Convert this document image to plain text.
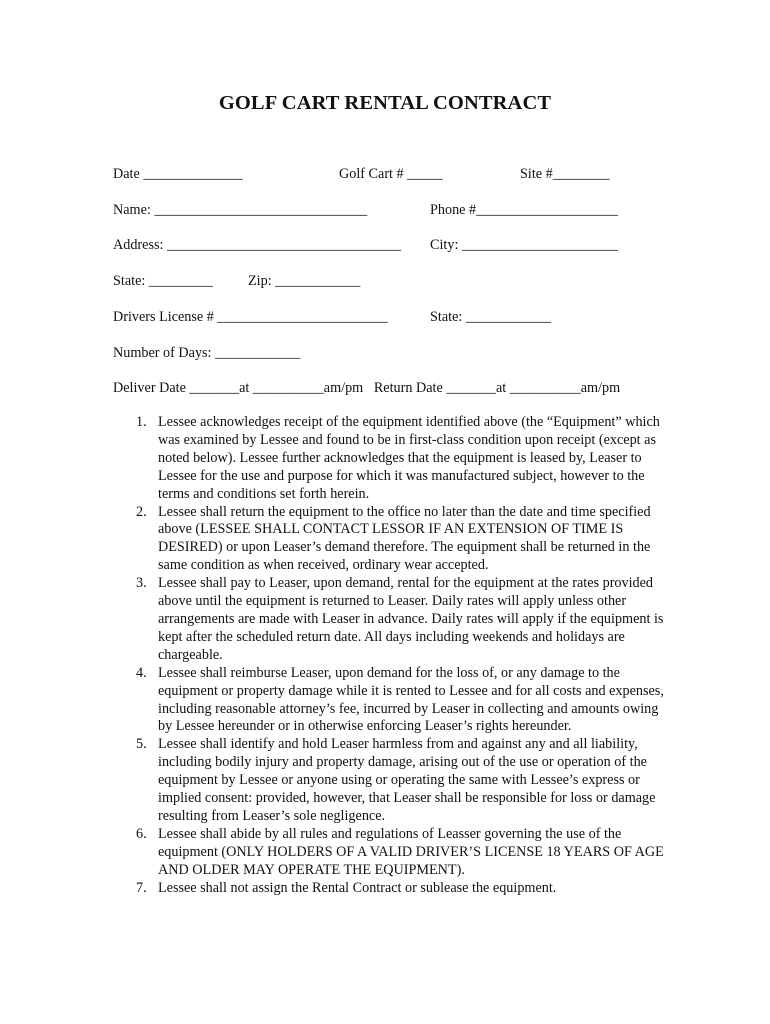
GOLF CART RENTAL CONTRACT
Date ______________	Golf Cart # _____	Site #________
Name: ______________________________	Phone #____________________
Address: _________________________________ City: ______________________
State: _________ Zip: ____________
Drivers License # ________________________	State: ____________
Number of Days: ____________
Deliver Date _______at __________am/pm   Return Date _______at __________am/pm
1. Lessee acknowledges receipt of the equipment identified above (the “Equipment” which was examined by Lessee and found to be in first-class condition upon receipt (except as noted below). Lessee further acknowledges that the equipment is leased by, Leaser to Lessee for the use and purpose for which it was manufactured subject, however to the terms and conditions set forth herein.
2. Lessee shall return the equipment to the office no later than the date and time specified above (LESSEE SHALL CONTACT LESSOR IF AN EXTENSION OF TIME IS DESIRED) or upon Leaser’s demand therefore. The equipment shall be returned in the same condition as when received, ordinary wear accepted.
3. Lessee shall pay to Leaser, upon demand, rental for the equipment at the rates provided above until the equipment is returned to Leaser. Daily rates will apply unless other arrangements are made with Leaser in advance. Daily rates will apply if the equipment is kept after the scheduled return date. All days including weekends and holidays are chargeable.
4. Lessee shall reimburse Leaser, upon demand for the loss of, or any damage to the equipment or property damage while it is rented to Lessee and for all costs and expenses, including reasonable attorney’s fee, incurred by Leaser in collecting and amounts owing by Lessee hereunder or in otherwise enforcing Leaser’s rights hereunder.
5. Lessee shall identify and hold Leaser harmless from and against any and all liability, including bodily injury and property damage, arising out of the use or operation of the equipment by Lessee or anyone using or operating the same with Lessee’s express or implied consent: provided, however, that Leaser shall be responsible for loss or damage resulting from Leaser’s sole negligence.
6. Lessee shall abide by all rules and regulations of Leasser governing the use of the equipment (ONLY HOLDERS OF A VALID DRIVER’S LICENSE 18 YEARS OF AGE AND OLDER MAY OPERATE THE EQUIPMENT).
7. Lessee shall not assign the Rental Contract or sublease the equipment.
